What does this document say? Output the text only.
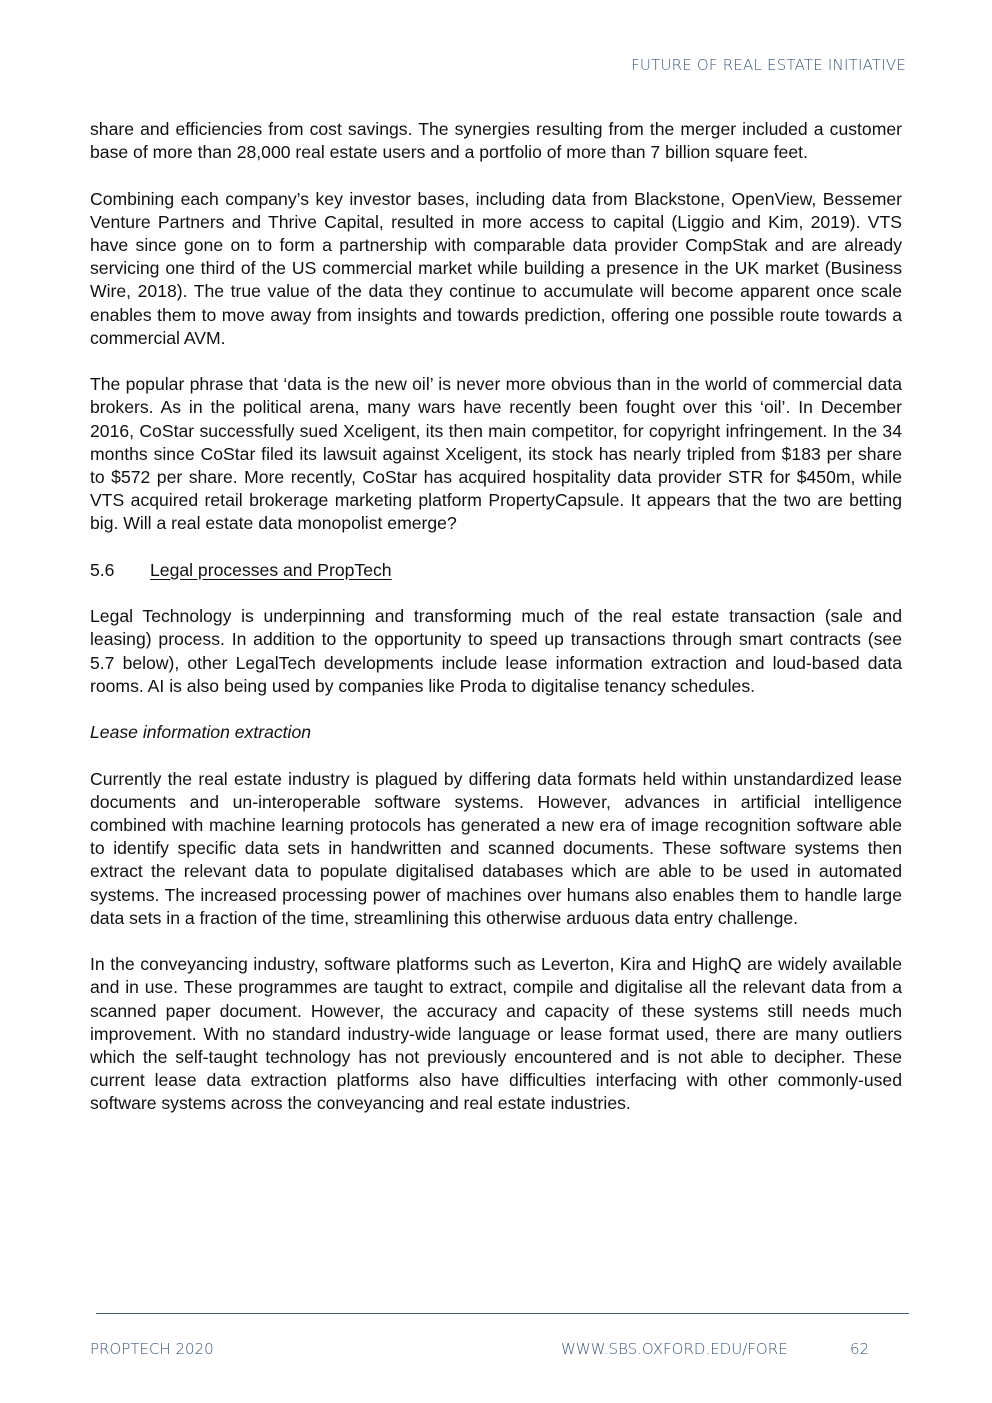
FUTURE OF REAL ESTATE INITIATIVE

share and efficiencies from cost savings. The synergies resulting from the merger included a customer base of more than 28,000 real estate users and a portfolio of more than 7 billion square feet.

Combining each company’s key investor bases, including data from Blackstone, OpenView, Bessemer Venture Partners and Thrive Capital, resulted in more access to capital (Liggio and Kim, 2019). VTS have since gone on to form a partnership with comparable data provider CompStak and are already servicing one third of the US commercial market while building a presence in the UK market (Business Wire, 2018). The true value of the data they continue to accumulate will become apparent once scale enables them to move away from insights and towards prediction, offering one possible route towards a commercial AVM.

The popular phrase that ‘data is the new oil’ is never more obvious than in the world of commercial data brokers. As in the political arena, many wars have recently been fought over this ‘oil’. In December 2016, CoStar successfully sued Xceligent, its then main competitor, for copyright infringement. In the 34 months since CoStar filed its lawsuit against Xceligent, its stock has nearly tripled from $183 per share to $572 per share. More recently, CoStar has acquired hospitality data provider STR for $450m, while VTS acquired retail brokerage marketing platform PropertyCapsule. It appears that the two are betting big. Will a real estate data monopolist emerge?

5.6	Legal processes and PropTech

Legal Technology is underpinning and transforming much of the real estate transaction (sale and leasing) process. In addition to the opportunity to speed up transactions through smart contracts (see 5.7 below), other LegalTech developments include lease information extraction and loud-based data rooms. AI is also being used by companies like Proda to digitalise tenancy schedules.

Lease information extraction

Currently the real estate industry is plagued by differing data formats held within unstandardized lease documents and un-interoperable software systems. However, advances in artificial intelligence combined with machine learning protocols has generated a new era of image recognition software able to identify specific data sets in handwritten and scanned documents. These software systems then extract the relevant data to populate digitalised databases which are able to be used in automated systems. The increased processing power of machines over humans also enables them to handle large data sets in a fraction of the time, streamlining this otherwise arduous data entry challenge.

In the conveyancing industry, software platforms such as Leverton, Kira and HighQ are widely available and in use. These programmes are taught to extract, compile and digitalise all the relevant data from a scanned paper document. However, the accuracy and capacity of these systems still needs much improvement. With no standard industry-wide language or lease format used, there are many outliers which the self-taught technology has not previously encountered and is not able to decipher. These current lease data extraction platforms also have difficulties interfacing with other commonly-used software systems across the conveyancing and real estate industries.

PROPTECH 2020	WWW.SBS.OXFORD.EDU/FORE	62
